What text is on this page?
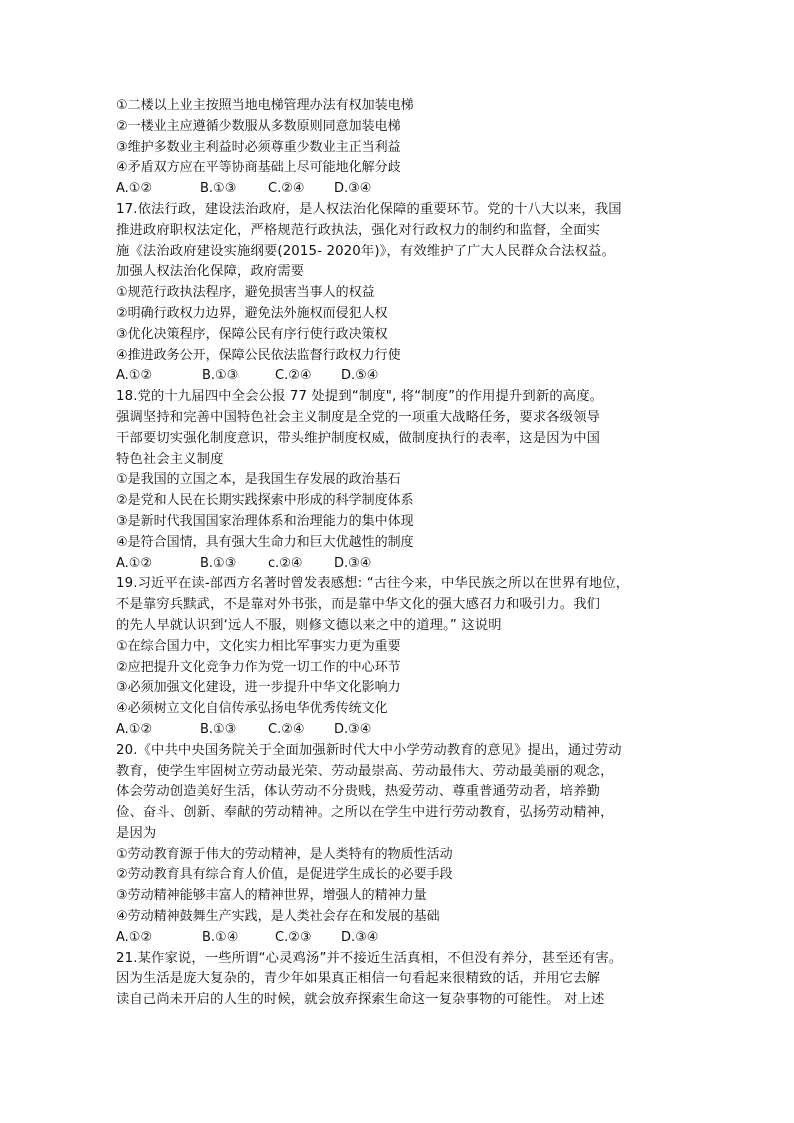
①二楼以上业主按照当地电梯管理办法有权加装电梯
②一楼业主应遵循少数服从多数原则同意加装电梯
③维护多数业主利益时必须尊重少数业主正当利益
④矛盾双方应在平等协商基础上尽可能地化解分歧
A.①②	B.①③ C.②④ D.③④
17.依法行政，建设法治政府，是人权法治化保障的重要环节。党的十八大以来，我国
推进政府职权法定化，严格规范行政执法，强化对行政权力的制约和监督，全面实
施《法治政府建设实施纲要(2015- 2020年)》，有效维护了广大人民群众合法权益。
加强人权法治化保障，政府需要
①规范行政执法程序，避免损害当事人的权益
②明确行政权力边界，避免法外施权而侵犯人权
③优化决策程序，保障公民有序行使行政决策权
④推进政务公开，保障公民依法监督行政权力行使
A.①②	B.①③	C.②④ D.⑤④
18.党的十九届四中全会公报 77 处提到“制度", 将“制度”的作用提升到新的高度。
强调坚持和完善中国特色社会主义制度是全党的一项重大战略任务，要求各级领导
干部要切实强化制度意识，带头维护制度权威，做制度执行的表率，这是因为中国
特色社会主义制度
①是我国的立国之本，是我国生存发展的政治基石
②是党和人民在长期实践探索中形成的科学制度体系
③是新时代我国国家治理体系和治理能力的集中体现
④是符合国情，具有强大生命力和巨大优越性的制度
A.①②	B.①③ c.②④ D.③④
19.习近平在读-部西方名著时曾发表感想: “古往今来，中华民族之所以在世界有地位，
不是靠穷兵黩武，不是靠对外书张，而是靠中华文化的强大感召力和吸引力。我们
的先人早就认识到‘远人不服，则修文德以来之中的道理。” 这说明
①在综合国力中，文化实力相比军事实力更为重要
②应把提升文化竞争力作为党一切工作的中心环节
③必须加强文化建设，进一步提升中华文化影响力
④必须树立文化自信传承弘扬电华优秀传统文化
A.①②	B.①③ C.②④ D.③④
20.《中共中央国务院关于全面加强新时代大中小学劳动教育的意见》提出，通过劳动
教育，使学生牢固树立劳动最光荣、劳动最崇高、劳动最伟大、劳动最美丽的观念，
体会劳动创造美好生活，体认劳动不分贵贱，热爱劳动、尊重普通劳动者，培养勤
俭、奋斗、创新、奉献的劳动精神。之所以在学生中进行劳动教育，弘扬劳动精神，
是因为
①劳动教育源于伟大的劳动精神，是人类特有的物质性活动
②劳动教育具有综合育人价值，是促进学生成长的必要手段
③劳动精神能够丰富人的精神世界，增强人的精神力量
④劳动精神鼓舞生产实践，是人类社会存在和发展的基础
A.①②	B.①④	C.②③ D.③④
21.某作家说，一些所谓“心灵鸡汤”并不接近生活真相，不但没有养分，甚至还有害。
因为生活是庞大复杂的，青少年如果真正相信一句看起来很精致的话，并用它去解
读自己尚未开启的人生的时候，就会放弃探索生命这一复杂事物的可能性。 对上述
